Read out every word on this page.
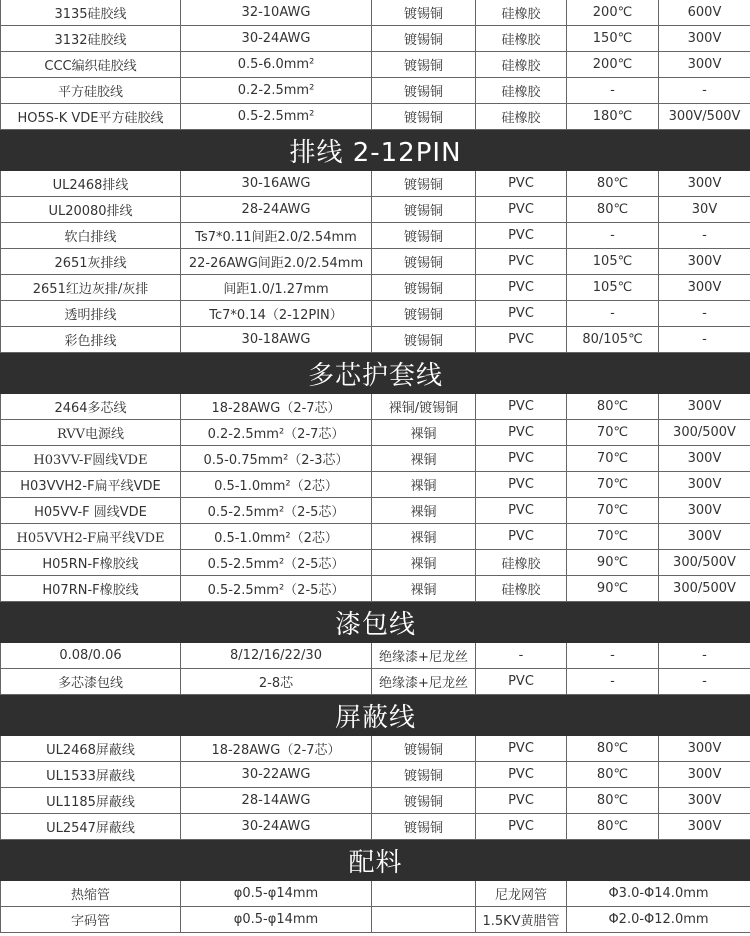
3135硅胶线	32-10AWG	镀锡铜	硅橡胶	200℃	600V
3132硅胶线	30-24AWG	镀锡铜	硅橡胶	150℃	300V
CCC编织硅胶线	0.5-6.0mm²	镀锡铜	硅橡胶	200℃	300V
平方硅胶线	0.2-2.5mm²	镀锡铜	硅橡胶	-	-
HO5S-K VDE平方硅胶线	0.5-2.5mm²	镀锡铜	硅橡胶	180℃	300V/500V
排线 2-12PIN					
UL2468排线	30-16AWG	镀锡铜	PVC	80℃	300V
UL20080排线	28-24AWG	镀锡铜	PVC	80℃	30V
软白排线	Ts7*0.11间距2.0/2.54mm	镀锡铜	PVC	-	-
2651灰排线	22-26AWG间距2.0/2.54mm	镀锡铜	PVC	105℃	300V
2651红边灰排/灰排	间距1.0/1.27mm	镀锡铜	PVC	105℃	300V
透明排线	Tc7*0.14（2-12PIN）	镀锡铜	PVC	-	-
彩色排线	30-18AWG	镀锡铜	PVC	80/105℃	-
多芯护套线					
2464多芯线	18-28AWG（2-7芯）	裸铜/镀锡铜	PVC	80℃	300V
RVV电源线	0.2-2.5mm²（2-7芯）	裸铜	PVC	70℃	300/500V
H03VV-F圆线VDE	0.5-0.75mm²（2-3芯）	裸铜	PVC	70℃	300V
H03VVH2-F扁平线VDE	0.5-1.0mm²（2芯）	裸铜	PVC	70℃	300V
H05VV-F 圆线VDE	0.5-2.5mm²（2-5芯）	裸铜	PVC	70℃	300V
H05VVH2-F扁平线VDE	0.5-1.0mm²（2芯）	裸铜	PVC	70℃	300V
H05RN-F橡胶线	0.5-2.5mm²（2-5芯）	裸铜	硅橡胶	90℃	300/500V
H07RN-F橡胶线	0.5-2.5mm²（2-5芯）	裸铜	硅橡胶	90℃	300/500V
漆包线					
0.08/0.06	8/12/16/22/30	绝缘漆+尼龙丝	-	-	-
多芯漆包线	2-8芯	绝缘漆+尼龙丝	PVC	-	-
屏蔽线					
UL2468屏蔽线	18-28AWG（2-7芯）	镀锡铜	PVC	80℃	300V
UL1533屏蔽线	30-22AWG	镀锡铜	PVC	80℃	300V
UL1185屏蔽线	28-14AWG	镀锡铜	PVC	80℃	300V
UL2547屏蔽线	30-24AWG	镀锡铜	PVC	80℃	300V
配料					
热缩管	φ0.5-φ14mm		尼龙网管	Φ3.0-Φ14.0mm	
字码管	φ0.5-φ14mm		1.5KV黄腊管	Φ2.0-Φ12.0mm	
